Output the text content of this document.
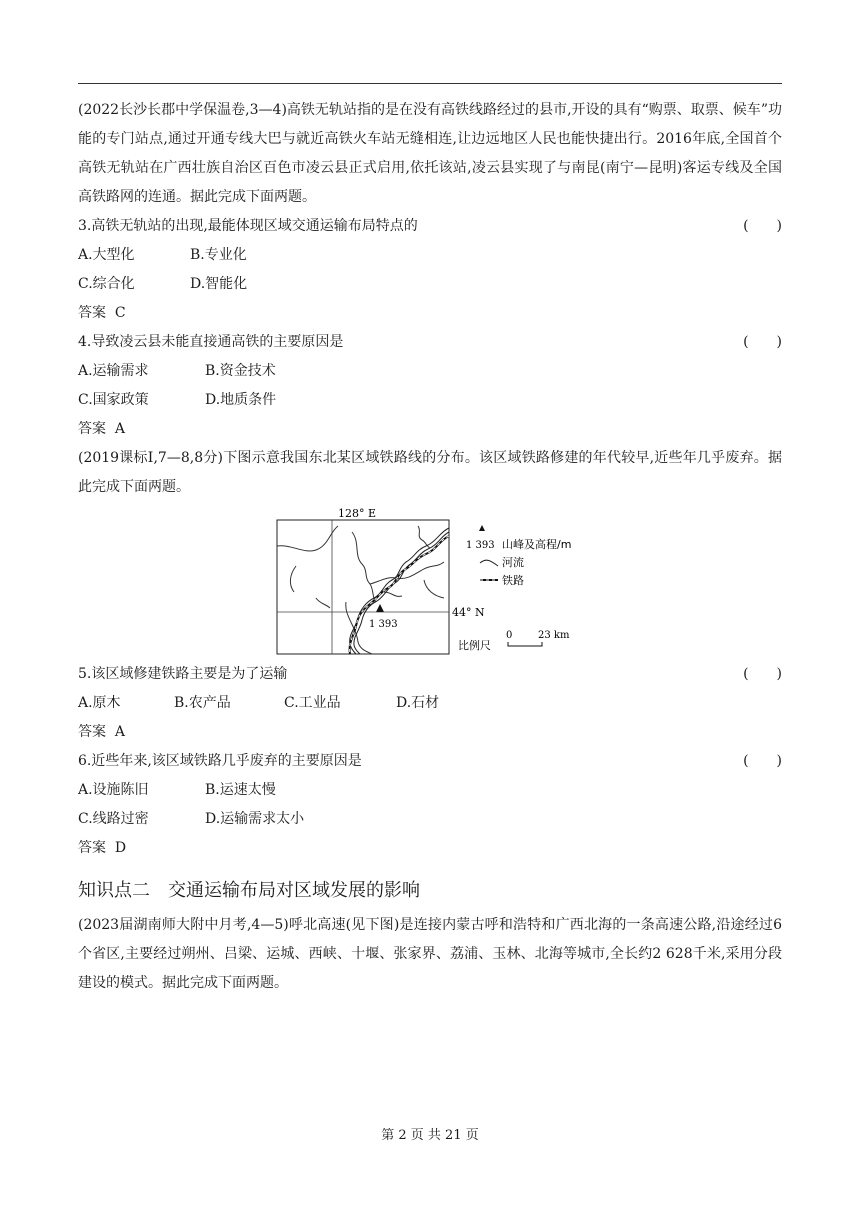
(2022长沙长郡中学保温卷,3—4)高铁无轨站指的是在没有高铁线路经过的县市,开设的具有“购票、取票、候车”功能的专门站点,通过开通专线大巴与就近高铁火车站无缝相连,让边远地区人民也能快捷出行。2016年底,全国首个高铁无轨站在广西壮族自治区百色市凌云县正式启用,依托该站,凌云县实现了与南昆(南宁—昆明)客运专线及全国高铁路网的连通。据此完成下面两题。

3.高铁无轨站的出现,最能体现区域交通运输布局特点的	(　　)
A.大型化	B.专业化
C.综合化	D.智能化
答案 C
4.导致凌云县未能直接通高铁的主要原因是	(　　)
A.运输需求	B.资金技术
C.国家政策	D.地质条件
答案 A

(2019课标Ⅰ,7—8,8分)下图示意我国东北某区域铁路线的分布。该区域铁路修建的年代较早,近些年几乎废弃。据此完成下面两题。

128° E
44° N
1 393
1 393 山峰及高程/m
河流
铁路
比例尺
0	23 km
5.该区域修建铁路主要是为了运输	(　　)
A.原木	B.农产品	C.工业品	D.石材
答案 A
6.近些年来,该区域铁路几乎废弃的主要原因是	(　　)
A.设施陈旧	B.运速太慢
C.线路过密	D.运输需求太小
答案 D
知识点二　交通运输布局对区域发展的影响

(2023届湖南师大附中月考,4—5)呼北高速(见下图)是连接内蒙古呼和浩特和广西北海的一条高速公路,沿途经过6个省区,主要经过朔州、吕梁、运城、西峡、十堰、张家界、荔浦、玉林、北海等城市,全长约2 628千米,采用分段建设的模式。据此完成下面两题。

第 2 页 共 21 页
